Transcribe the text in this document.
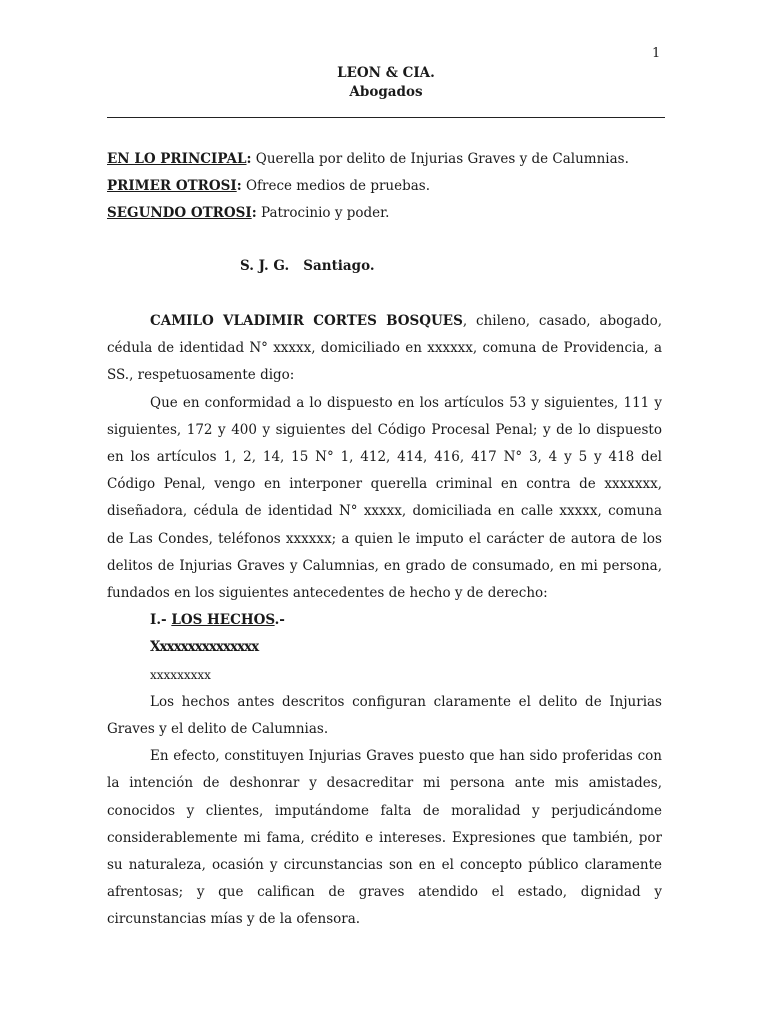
1
LEON & CIA.
Abogados
EN LO PRINCIPAL: Querella por delito de Injurias Graves y de Calumnias.
PRIMER OTROSI: Ofrece medios de pruebas.
SEGUNDO OTROSI: Patrocinio y poder.
S. J. G.   Santiago.

CAMILO VLADIMIR CORTES BOSQUES, chileno, casado, abogado, cédula de identidad N° xxxxx, domiciliado en xxxxxx, comuna de Providencia, a SS., respetuosamente digo:

Que en conformidad a lo dispuesto en los artículos 53 y siguientes, 111 y siguientes, 172 y 400 y siguientes del Código Procesal Penal; y de lo dispuesto en los artículos 1, 2, 14, 15 N° 1, 412, 414, 416, 417 N° 3, 4 y 5 y 418 del Código Penal, vengo en interponer querella criminal en contra de xxxxxxx, diseñadora, cédula de identidad N° xxxxx, domiciliada en calle xxxxx, comuna de Las Condes, teléfonos xxxxxx; a quien le imputo el carácter de autora de los delitos de Injurias Graves y Calumnias, en grado de consumado, en mi persona, fundados en los siguientes antecedentes de hecho y de derecho:

I.- LOS HECHOS.-

Xxxxxxxxxxxxxxx

xxxxxxxxx

Los hechos antes descritos configuran claramente el delito de Injurias Graves y el delito de Calumnias.

En efecto, constituyen Injurias Graves puesto que han sido proferidas con la intención de deshonrar y desacreditar mi persona ante mis amistades, conocidos y clientes, imputándome falta de moralidad y perjudicándome considerablemente mi fama, crédito e intereses. Expresiones que también, por su naturaleza, ocasión y circunstancias son en el concepto público claramente afrentosas; y que califican de graves atendido el estado, dignidad y circunstancias mías y de la ofensora.
